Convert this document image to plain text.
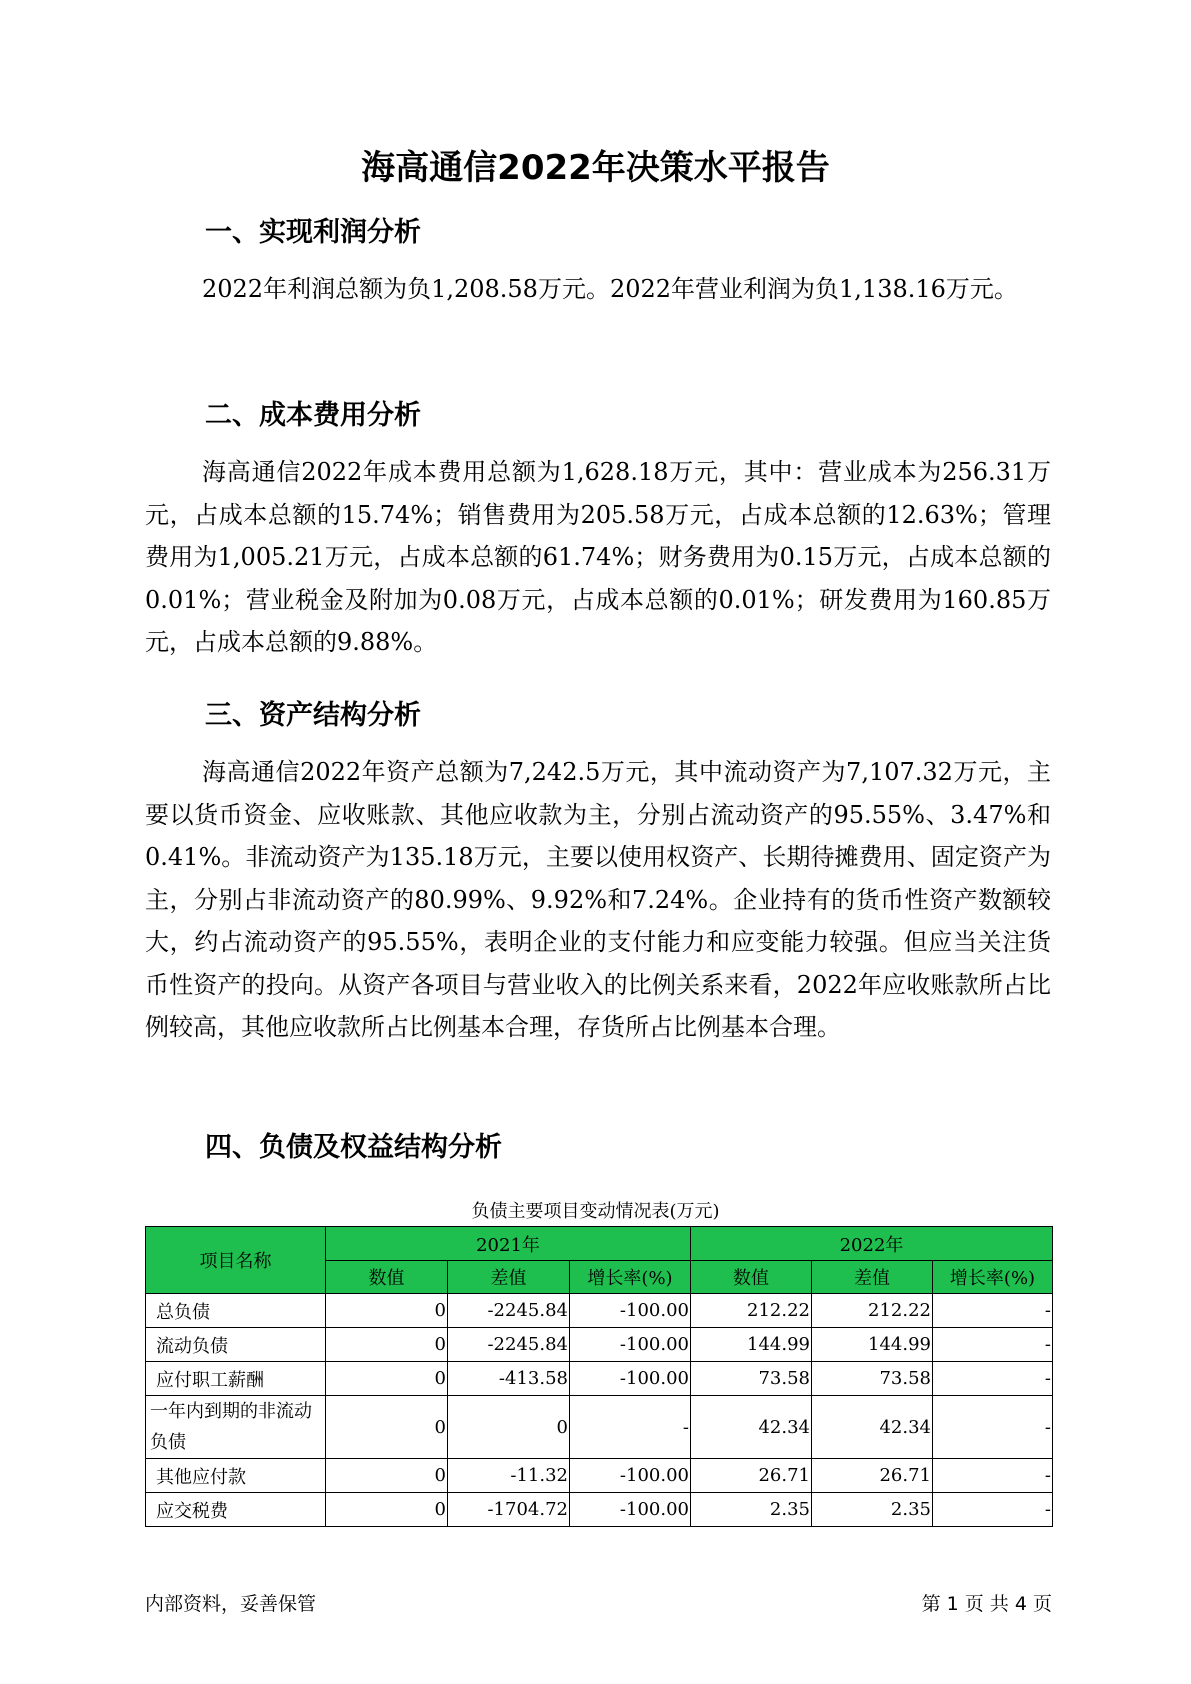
海高通信2022年决策水平报告
一、实现利润分析

2022年利润总额为负1,208.58万元。2022年营业利润为负1,138.16万元。

二、成本费用分析

海高通信2022年成本费用总额为1,628.18万元，其中：营业成本为256.31万元，占成本总额的15.74%；销售费用为205.58万元，占成本总额的12.63%；管理费用为1,005.21万元，占成本总额的61.74%；财务费用为0.15万元，占成本总额的0.01%；营业税金及附加为0.08万元，占成本总额的0.01%；研发费用为160.85万元，占成本总额的9.88%。

三、资产结构分析

海高通信2022年资产总额为7,242.5万元，其中流动资产为7,107.32万元，主要以货币资金、应收账款、其他应收款为主，分别占流动资产的95.55%、3.47%和0.41%。非流动资产为135.18万元，主要以使用权资产、长期待摊费用、固定资产为主，分别占非流动资产的80.99%、9.92%和7.24%。企业持有的货币性资产数额较大，约占流动资产的95.55%，表明企业的支付能力和应变能力较强。但应当关注货币性资产的投向。从资产各项目与营业收入的比例关系来看，2022年应收账款所占比例较高，其他应收款所占比例基本合理，存货所占比例基本合理。

四、负债及权益结构分析
负债主要项目变动情况表(万元)
项目名称	2021年			2022年		
	数值	差值	增长率(%)	数值	差值	增长率(%)
总负债	0	-2245.84	-100.00	212.22	212.22	-
流动负债	0	-2245.84	-100.00	144.99	144.99	-
应付职工薪酬	0	-413.58	-100.00	73.58	73.58	-
一年内到期的非流动负债	0	0	-	42.34	42.34	-
其他应付款	0	-11.32	-100.00	26.71	26.71	-
应交税费	0	-1704.72	-100.00	2.35	2.35	-
内部资料，妥善保管	第 1 页 共 4 页
